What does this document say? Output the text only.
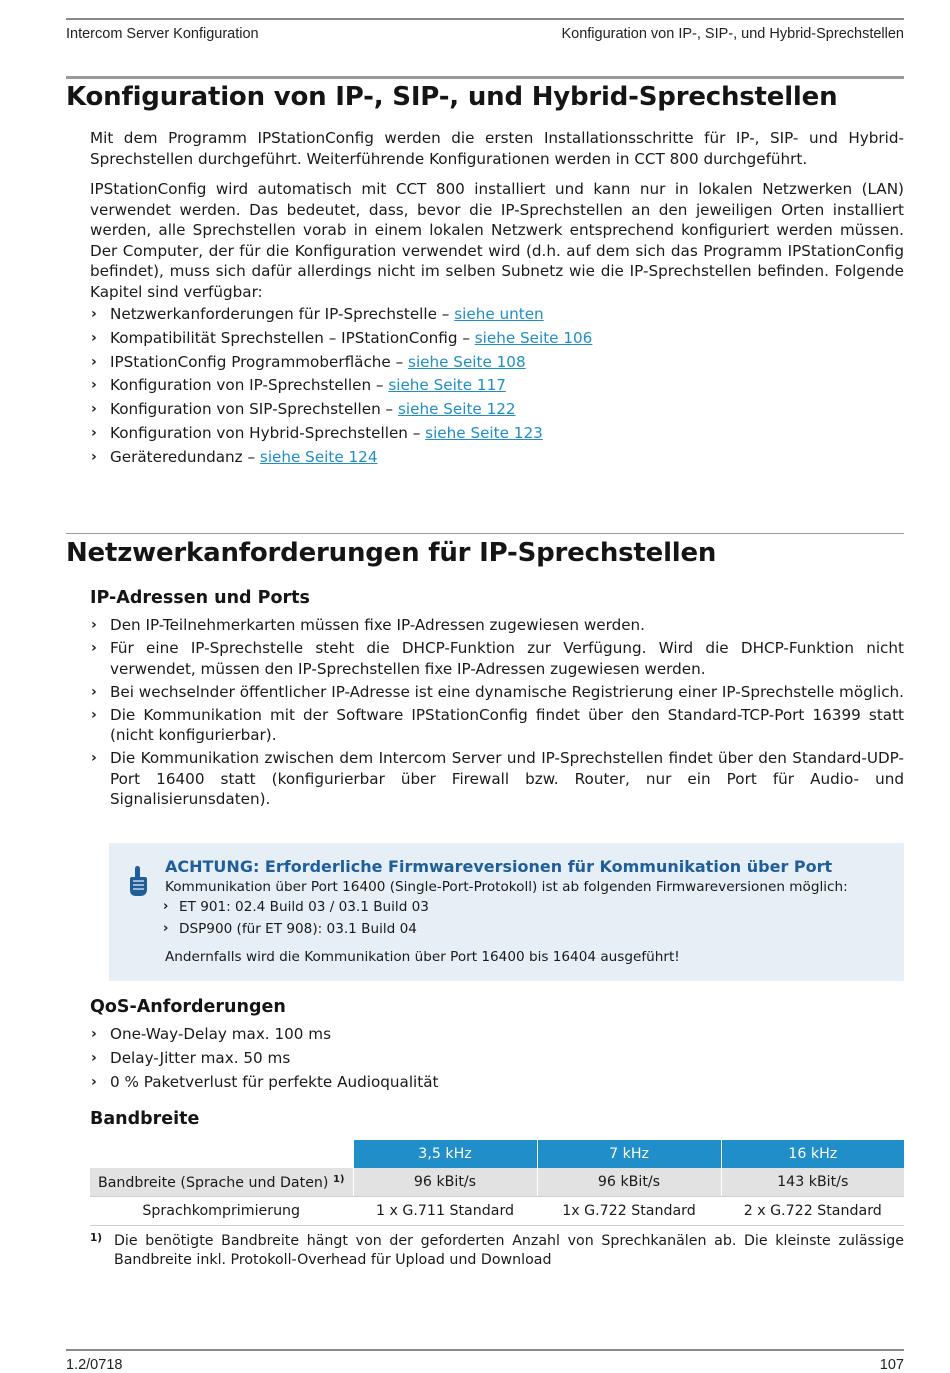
Intercom Server Konfiguration	Konfiguration von IP-, SIP-, und Hybrid-Sprechstellen
Konfiguration von IP-, SIP-, und Hybrid-Sprechstellen

Mit dem Programm IPStationConfig werden die ersten Installationsschritte für IP-, SIP- und Hybrid-Sprechstellen durchgeführt. Weiterführende Konfigurationen werden in CCT 800 durchgeführt.

IPStationConfig wird automatisch mit CCT 800 installiert und kann nur in lokalen Netzwerken (LAN) verwendet werden. Das bedeutet, dass, bevor die IP-Sprechstellen an den jeweiligen Orten installiert werden, alle Sprechstellen vorab in einem lokalen Netzwerk entsprechend konfiguriert werden müssen. Der Computer, der für die Konfiguration verwendet wird (d.h. auf dem sich das Programm IPStationConfig befindet), muss sich dafür allerdings nicht im selben Subnetz wie die IP-Sprechstellen befinden. Folgende Kapitel sind verfügbar:

› Netzwerkanforderungen für IP-Sprechstelle – siehe unten
› Kompatibilität Sprechstellen – IPStationConfig – siehe Seite 106
› IPStationConfig Programmoberfläche – siehe Seite 108
› Konfiguration von IP-Sprechstellen – siehe Seite 117
› Konfiguration von SIP-Sprechstellen – siehe Seite 122
› Konfiguration von Hybrid-Sprechstellen – siehe Seite 123
› Geräteredundanz – siehe Seite 124
Netzwerkanforderungen für IP-Sprechstellen
IP-Adressen und Ports
› Den IP-Teilnehmerkarten müssen fixe IP-Adressen zugewiesen werden.
› Für eine IP-Sprechstelle steht die DHCP-Funktion zur Verfügung. Wird die DHCP-Funktion nicht verwendet, müssen den IP-Sprechstellen fixe IP-Adressen zugewiesen werden.
› Bei wechselnder öffentlicher IP-Adresse ist eine dynamische Registrierung einer IP-Sprechstelle möglich.
› Die Kommunikation mit der Software IPStationConfig findet über den Standard-TCP-Port 16399 statt (nicht konfigurierbar).
› Die Kommunikation zwischen dem Intercom Server und IP-Sprechstellen findet über den Standard-UDP-Port 16400 statt (konfigurierbar über Firewall bzw. Router, nur ein Port für Audio- und Signalisierunsdaten).
ACHTUNG: Erforderliche Firmwareversionen für Kommunikation über Port
Kommunikation über Port 16400 (Single-Port-Protokoll) ist ab folgenden Firmwareversionen möglich:
› ET 901: 02.4 Build 03 / 03.1 Build 03
› DSP900 (für ET 908): 03.1 Build 04
Andernfalls wird die Kommunikation über Port 16400 bis 16404 ausgeführt!
QoS-Anforderungen
› One-Way-Delay max. 100 ms
› Delay-Jitter max. 50 ms
› 0 % Paketverlust für perfekte Audioqualität
Bandbreite
	3,5 kHz	7 kHz	16 kHz
Bandbreite (Sprache und Daten) $^{1)}$	96 kBit/s	96 kBit/s	143 kBit/s
Sprachkomprimierung	1 x G.711 Standard	1x G.722 Standard	2 x G.722 Standard
1) Die benötigte Bandbreite hängt von der geforderten Anzahl von Sprechkanälen ab. Die kleinste zulässige Bandbreite inkl. Protokoll-Overhead für Upload und Download
1.2/0718	107
